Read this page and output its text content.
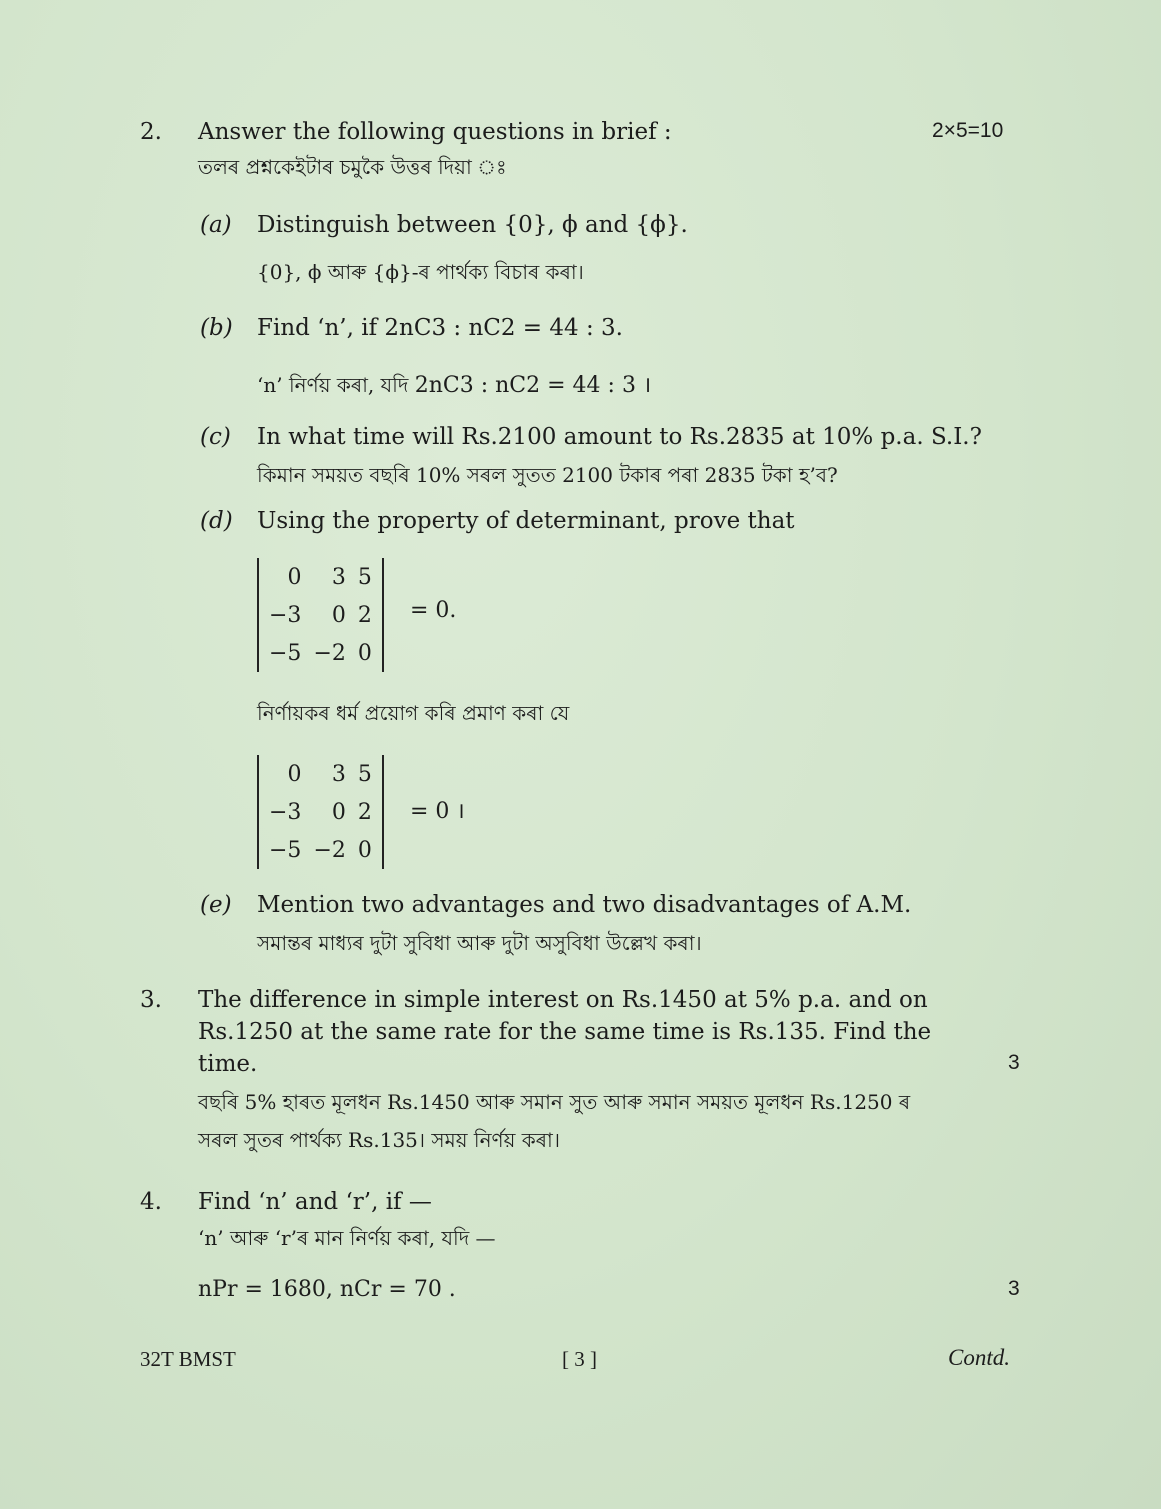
2. Answer the following questions in brief :	2×5=10
তলৰ প্ৰশ্নকেইটাৰ চমুকৈ উত্তৰ দিয়া ঃ
(a) Distinguish between {0}, ϕ and {ϕ}.
{0}, ϕ আৰু {ϕ}-ৰ পাৰ্থক্য বিচাৰ কৰা।
(b) Find ‘n’, if 2nC3 : nC2 = 44 : 3.
‘n’ নিৰ্ণয় কৰা, যদি 2nC3 : nC2 = 44 : 3 ।
(c) In what time will Rs.2100 amount to Rs.2835 at 10% p.a. S.I.?
কিমান সময়ত বছৰি 10% সৰল সুতত 2100 টকাৰ পৰা 2835 টকা হ’ব?
(d) Using the property of determinant, prove that
0	3	5
−3	0	2
−5	−2	0
= 0.
নিৰ্ণায়কৰ ধৰ্ম প্ৰয়োগ কৰি প্ৰমাণ কৰা যে
0	3	5
−3	0	2
−5	−2	0
= 0 ।
(e) Mention two advantages and two disadvantages of A.M.
সমান্তৰ মাধ্যৰ দুটা সুবিধা আৰু দুটা অসুবিধা উল্লেখ কৰা।
3. The difference in simple interest on Rs.1450 at 5% p.a. and on
Rs.1250 at the same rate for the same time is Rs.135. Find the
time.	3
বছৰি 5% হাৰত মূলধন Rs.1450 আৰু সমান সুত আৰু সমান সময়ত মূলধন Rs.1250 ৰ
সৰল সুতৰ পাৰ্থক্য Rs.135। সময় নিৰ্ণয় কৰা।
4. Find ‘n’ and ‘r’, if —
‘n’ আৰু ‘r’ৰ মান নিৰ্ণয় কৰা, যদি —
nPr = 1680, nCr = 70 .	3
32T BMST	[ 3 ]	Contd.
